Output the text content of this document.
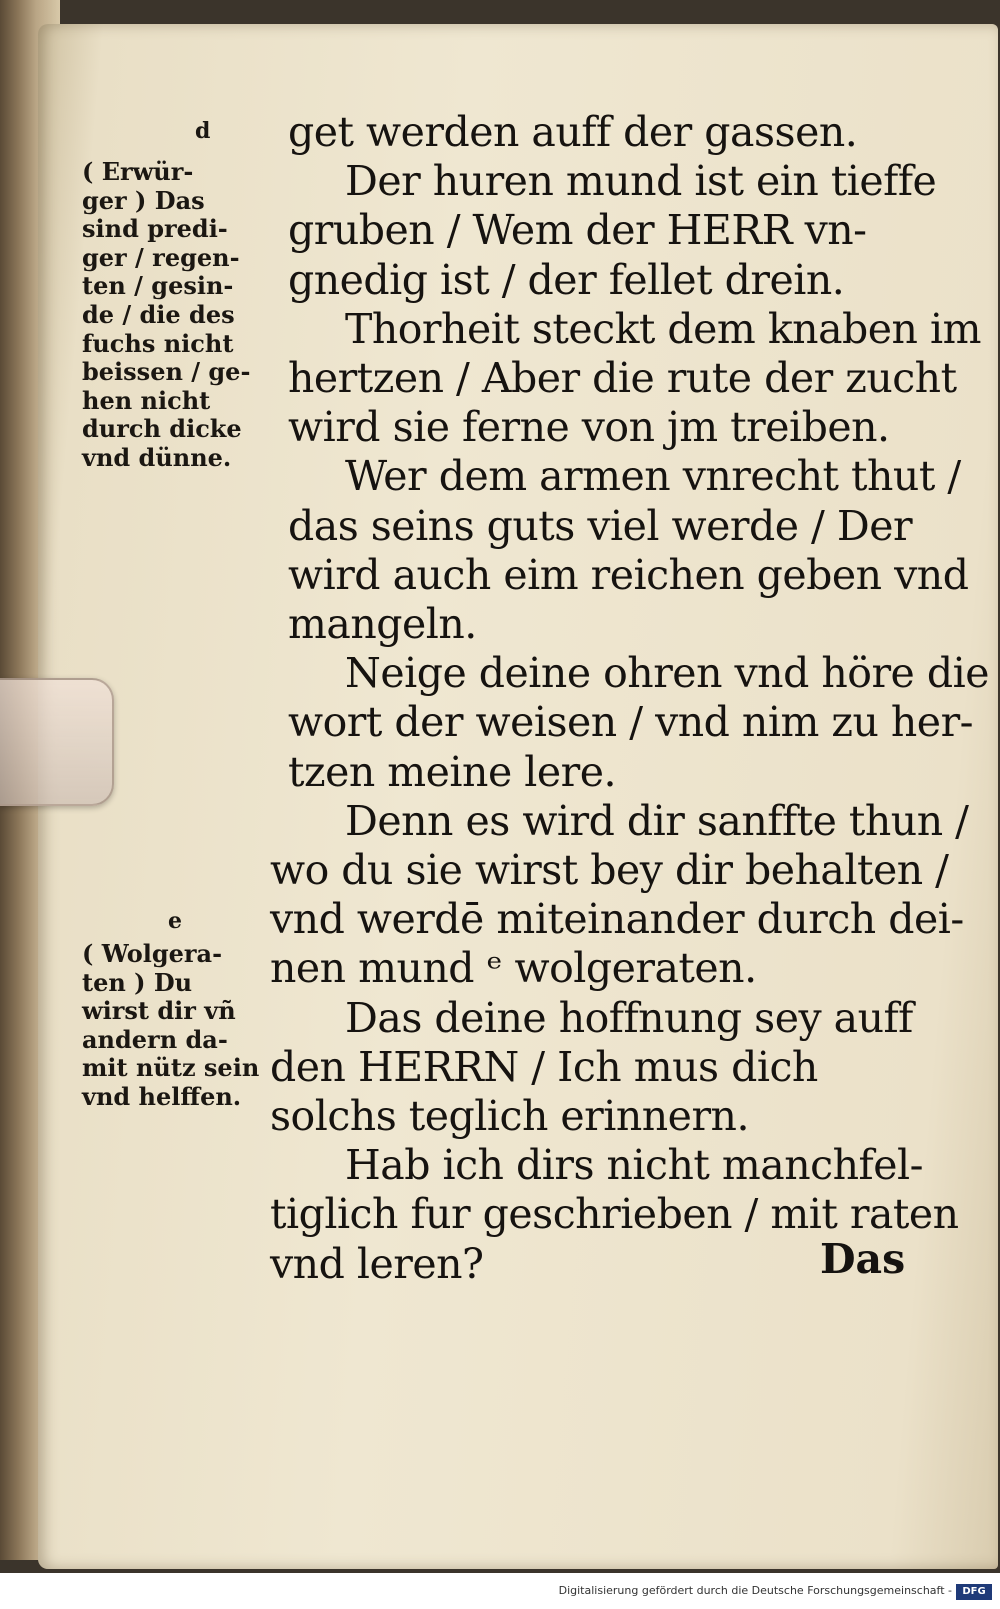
d
( Erwür-
ger ) Das
sind predi-
ger / regen-
ten / gesin-
de / die des
fuchs nicht
beissen / ge-
hen nicht
durch dicke
vnd dünne.
e
( Wolgera-
ten ) Du
wirst dir vñ
andern da-
mit nütz sein
vnd helffen.
get werden auff der gassen.
Der huren mund ist ein tieffe
gruben / Wem der HERR vn-
gnedig ist / der fellet drein.
Thorheit steckt dem knaben im
hertzen / Aber die rute der zucht
wird sie ferne von jm treiben.
Wer dem armen vnrecht thut /
das seins guts viel werde / Der
wird auch eim reichen geben vnd
mangeln.
Neige deine ohren vnd höre die
wort der weisen / vnd nim zu her-
tzen meine lere.
Denn es wird dir sanffte thun /
wo du sie wirst bey dir behalten /
vnd werdē miteinander durch dei-
nen mund ᵉ wolgeraten.
Das deine hoffnung sey auff
den HERRN / Ich mus dich
solchs teglich erinnern.
Hab ich dirs nicht manchfel-
tiglich fur geschrieben / mit raten
vnd leren?	Das
Digitalisierung gefördert durch die Deutsche Forschungsgemeinschaft -	DFG
